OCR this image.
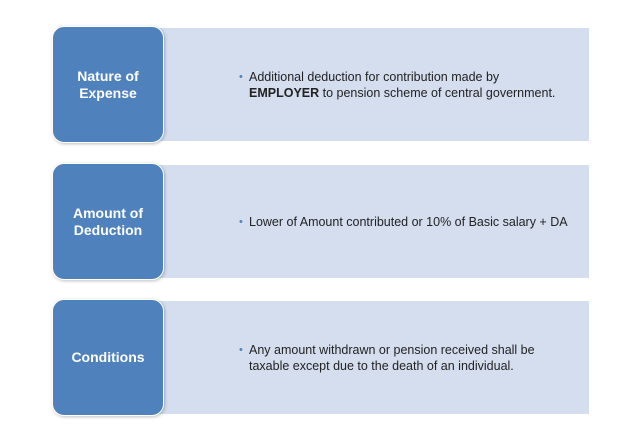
• Additional deduction for contribution made by EMPLOYER to pension scheme of central government.
Nature of
Expense
• Lower of Amount contributed or 10% of Basic salary + DA
Amount of
Deduction
• Any amount withdrawn or pension received shall be taxable except due to the death of an individual.
Conditions
